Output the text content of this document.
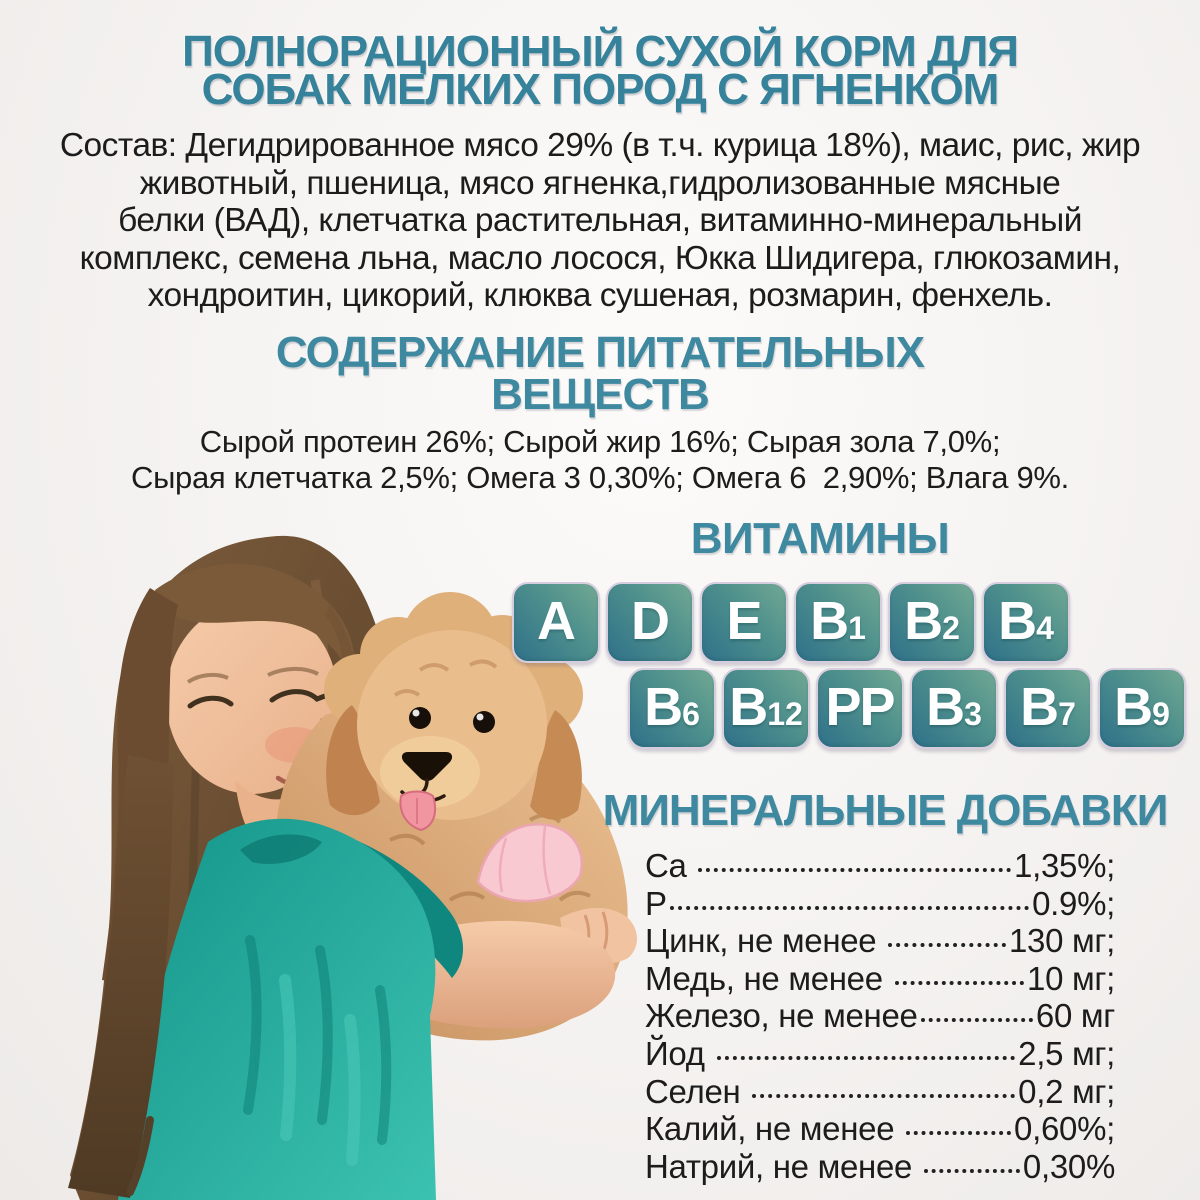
ПОЛНОРАЦИОННЫЙ СУХОЙ КОРМ ДЛЯ
СОБАК МЕЛКИХ ПОРОД С ЯГНЕНКОМ
Состав: Дегидрированное мясо 29% (в т.ч. курица 18%), маис, рис, жир
животный, пшеница, мясо ягненка,гидролизованные мясные
белки (ВАД), клетчатка растительная, витаминно-минеральный
комплекс, семена льна, масло лосося, Юкка Шидигера, глюкозамин,
хондроитин, цикорий, клюква сушеная, розмарин, фенхель.
СОДЕРЖАНИЕ ПИТАТЕЛЬНЫХ
ВЕЩЕСТВ
Сырой протеин 26%; Сырой жир 16%; Сырая зола 7,0%;
Сырая клетчатка 2,5%; Омега 3 0,30%; Омега 6  2,90%; Влага 9%.
ВИТАМИНЫ
A D E B 1 B 2 B 4
B 6 B 12 PP B 3 B 7 B 9
МИНЕРАЛЬНЫЕ ДОБАВКИ
Ca	1,35%;
P	0.9%;
Цинк, не менее	130 мг;
Медь, не менее	10 мг;
Железо, не менее	60 мг
Йод	2,5 мг;
Селен	0,2 мг;
Калий, не менее	0,60%;
Натрий, не менее	0,30%
